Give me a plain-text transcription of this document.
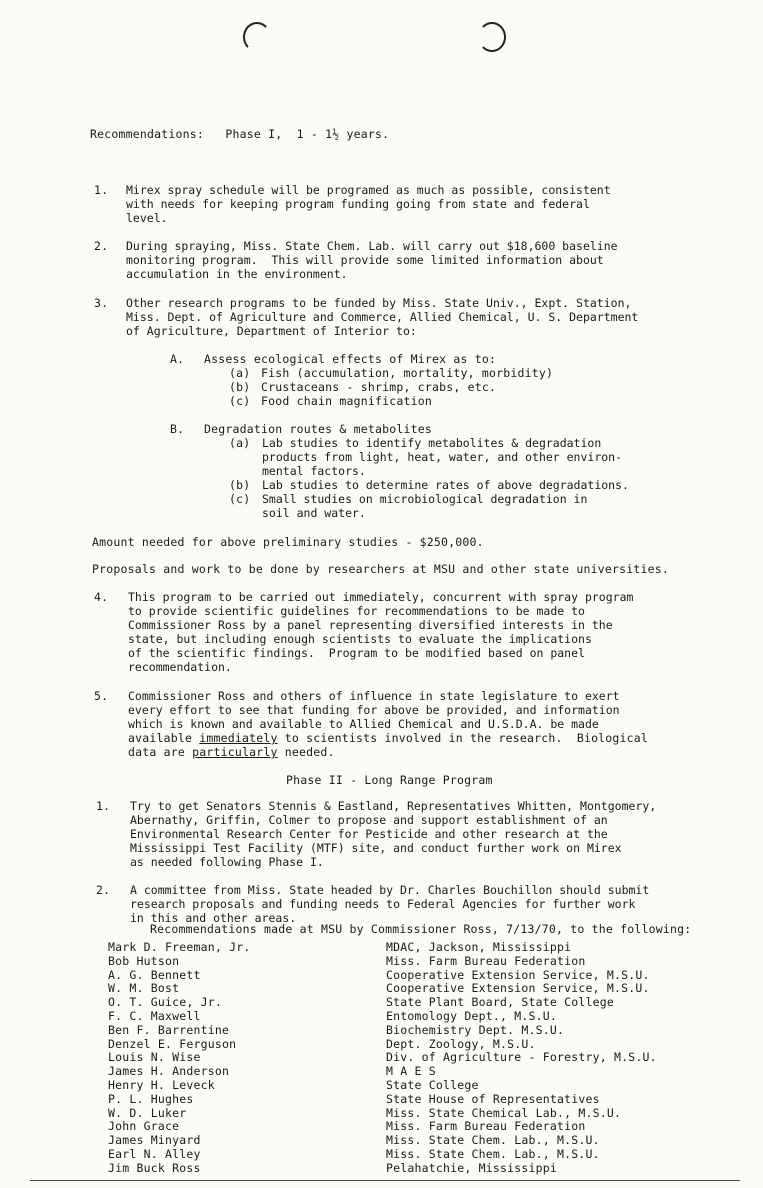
Recommendations:   Phase I,  1 - 1½ years.
1. Mirex spray schedule will be programed as much as possible, consistent
with needs for keeping program funding going from state and federal
level.
2. During spraying, Miss. State Chem. Lab. will carry out $18,600 baseline
monitoring program.  This will provide some limited information about
accumulation in the environment.
3. Other research programs to be funded by Miss. State Univ., Expt. Station,
Miss. Dept. of Agriculture and Commerce, Allied Chemical, U. S. Department
of Agriculture, Department of Interior to:
A. Assess ecological effects of Mirex as to:
(a) Fish (accumulation, mortality, morbidity)
(b) Crustaceans - shrimp, crabs, etc.
(c) Food chain magnification
B. Degradation routes & metabolites
(a) Lab studies to identify metabolites & degradation
products from light, heat, water, and other environ-
mental factors.
(b) Lab studies to determine rates of above degradations.
(c) Small studies on microbiological degradation in
soil and water.
Amount needed for above preliminary studies - $250,000.
Proposals and work to be done by researchers at MSU and other state universities.
4. This program to be carried out immediately, concurrent with spray program
to provide scientific guidelines for recommendations to be made to
Commissioner Ross by a panel representing diversified interests in the
state, but including enough scientists to evaluate the implications
of the scientific findings.  Program to be modified based on panel
recommendation.
5. Commissioner Ross and others of influence in state legislature to exert
every effort to see that funding for above be provided, and information
which is known and available to Allied Chemical and U.S.D.A. be made
available immediately to scientists involved in the research.  Biological
data are particularly needed.
Phase II - Long Range Program
1. Try to get Senators Stennis & Eastland, Representatives Whitten, Montgomery,
Abernathy, Griffin, Colmer to propose and support establishment of an
Environmental Research Center for Pesticide and other research at the
Mississippi Test Facility (MTF) site, and conduct further work on Mirex
as needed following Phase I.
2. A committee from Miss. State headed by Dr. Charles Bouchillon should submit
research proposals and funding needs to Federal Agencies for further work
in this and other areas.
Recommendations made at MSU by Commissioner Ross, 7/13/70, to the following:
Mark D. Freeman, Jr.	MDAC, Jackson, Mississippi
Bob Hutson	Miss. Farm Bureau Federation
A. G. Bennett	Cooperative Extension Service, M.S.U.
W. M. Bost	Cooperative Extension Service, M.S.U.
O. T. Guice, Jr.	State Plant Board, State College
F. C. Maxwell	Entomology Dept., M.S.U.
Ben F. Barrentine	Biochemistry Dept. M.S.U.
Denzel E. Ferguson	Dept. Zoology, M.S.U.
Louis N. Wise	Div. of Agriculture - Forestry, M.S.U.
James H. Anderson	M A E S
Henry H. Leveck	State College
P. L. Hughes	State House of Representatives
W. D. Luker	Miss. State Chemical Lab., M.S.U.
John Grace	Miss. Farm Bureau Federation
James Minyard	Miss. State Chem. Lab., M.S.U.
Earl N. Alley	Miss. State Chem. Lab., M.S.U.
Jim Buck Ross	Pelahatchie, Mississippi
